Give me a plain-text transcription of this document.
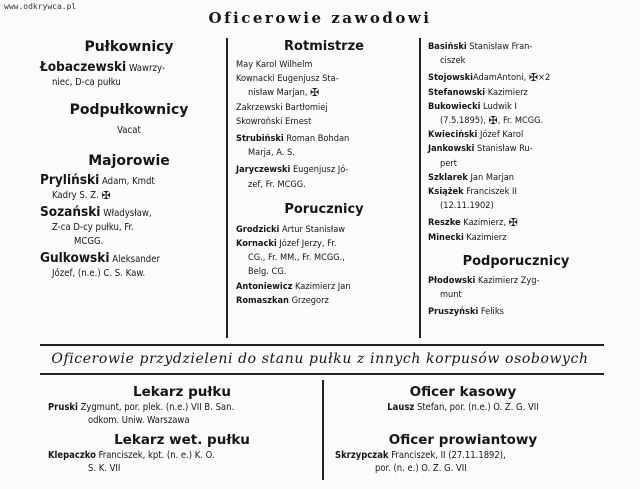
www.odkrywca.pl
Oficerowie zawodowi
Pułkownicy
Łobaczewski Wawrzy-
niec, D-ca pułku
Podpułkownicy
Vacat
Majorowie
Pryliński Adam, Kmdt
Kadry S. Z. ✠
Sozański Władysław,
Z-ca D-cy pułku, Fr.
MCGG.
Gulkowski Aleksander
Józef, (n.e.) C. S. Kaw.
Rotmistrze
May Karol Wilhelm
Kownacki Eugenjusz Sta-
nisław Marjan, ✠
Zakrzewski Bartłomiej
Skowroński Ernest
Strubiński Roman Bohdan
Marja, A. S.
Jaryczewski Eugenjusz Jó-
zef, Fr. MCGG.
Porucznicy
Grodzicki Artur Stanisław
Kornacki Józef Jerzy, Fr.
CG., Fr. MM., Fr. MCGG.,
Belg. CG.
Antoniewicz Kazimierz Jan
Romaszkan Grzegorz
Basiński Stanisław Fran-
ciszek
StojowskiAdamAntoni, ✠×2
Stefanowski Kazimierz
Bukowiecki Ludwik I
(7.5.1895), ✠, Fr. MCGG.
Kwieciński Józef Karol
Jankowski Stanisław Ru-
pert
Szklarek Jan Marjan
Książek Franciszek II
(12.11.1902)
Reszke Kazimierz, ✠
Minecki Kazimierz
Podporucznicy
Płodowski Kazimierz Zyg-
munt
Pruszyński Feliks
Oficerowie przydzieleni do stanu pułku z innych korpusów osobowych
Lekarz pułku
Pruski Zygmunt, por. plek. (n.e.) VII B. San.
odkom. Uniw. Warszawa
Lekarz wet. pułku
Klepaczko Franciszek, kpt. (n. e.) K. O.
S. K. VII
Oficer kasowy
Lausz Stefan, por. (n.e.) O. Z. G. VII
Oficer prowiantowy
Skrzypczak Franciszek, II (27.11.1892),
por. (n. e.) O. Z. G. VII
